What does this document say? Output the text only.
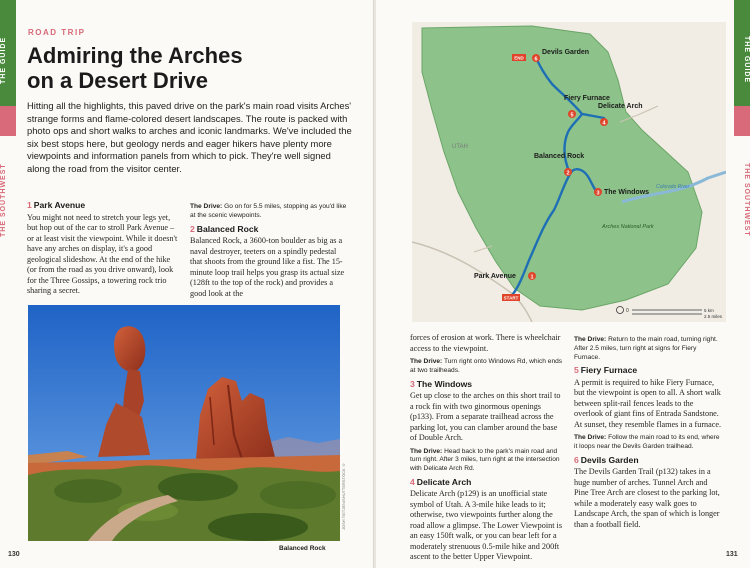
THE GUIDE
THE SOUTHWEST
ROAD TRIP
Admiring the Arches
on a Desert Drive
Hitting all the highlights, this paved drive on the park's main road visits Arches' strange forms and flame-colored desert landscapes. The route is packed with photo ops and short walks to arches and iconic landmarks. We've included the six best stops here, but geology nerds and eager hikers have plenty more viewpoints and information panels from which to pick. They're well signed along the road from the visitor center.
1 Park Avenue
You might not need to stretch your legs yet, but hop out of the car to stroll Park Avenue – or at least visit the viewpoint. While it doesn't have any arches on display, it's a good geological slideshow. At the end of the hike (or from the road as you drive onward), look for the Three Gossips, a towering rock trio sharing a secret.
The Drive: Go on for 5.5 miles, stopping as you'd like at the scenic viewpoints.
2 Balanced Rock
Balanced Rock, a 3600-ton boulder as big as a naval destroyer, teeters on a spindly pedestal that shoots from the ground like a fist. The 15-minute loop trail helps you grasp its actual size (128ft to the top of the rock) and provides a good look at the
JOSH TIETJEN/SHUTTERSTOCK ©
Balanced Rock
130
THE GUIDE
THE SOUTHWEST
6
5
4
2
3
1
START
END
Devils Garden
Fiery Furnace
Delicate Arch
Balanced Rock
The Windows
Park Avenue
UTAH
Colorado River
Arches National Park
0	5 km
2.5 miles
forces of erosion at work. There is wheelchair access to the viewpoint.
The Drive: Turn right onto Windows Rd, which ends at two trailheads.
3 The Windows
Get up close to the arches on this short trail to a rock fin with two ginormous openings (p133). From a separate trailhead across the parking lot, you can clamber around the base of Double Arch.
The Drive: Head back to the park's main road and turn right. After 3 miles, turn right at the intersection with Delicate Arch Rd.
4 Delicate Arch
Delicate Arch (p129) is an unofficial state symbol of Utah. A 3-mile hike leads to it; otherwise, two viewpoints further along the road allow a glimpse. The Lower Viewpoint is an easy 150ft walk, or you can bear left for a moderately strenuous 0.5-mile hike and 200ft ascent to the better Upper Viewpoint.
The Drive: Return to the main road, turning right. After 2.5 miles, turn right at signs for Fiery Furnace.
5 Fiery Furnace
A permit is required to hike Fiery Furnace, but the viewpoint is open to all. A short walk between split-rail fences leads to the overlook of giant fins of Entrada Sandstone. At sunset, they resemble flames in a furnace.
The Drive: Follow the main road to its end, where it loops near the Devils Garden trailhead.
6 Devils Garden
The Devils Garden Trail (p132) takes in a huge number of arches. Tunnel Arch and Pine Tree Arch are closest to the parking lot, while a moderately easy walk goes to Landscape Arch, the span of which is longer than a football field.
131
